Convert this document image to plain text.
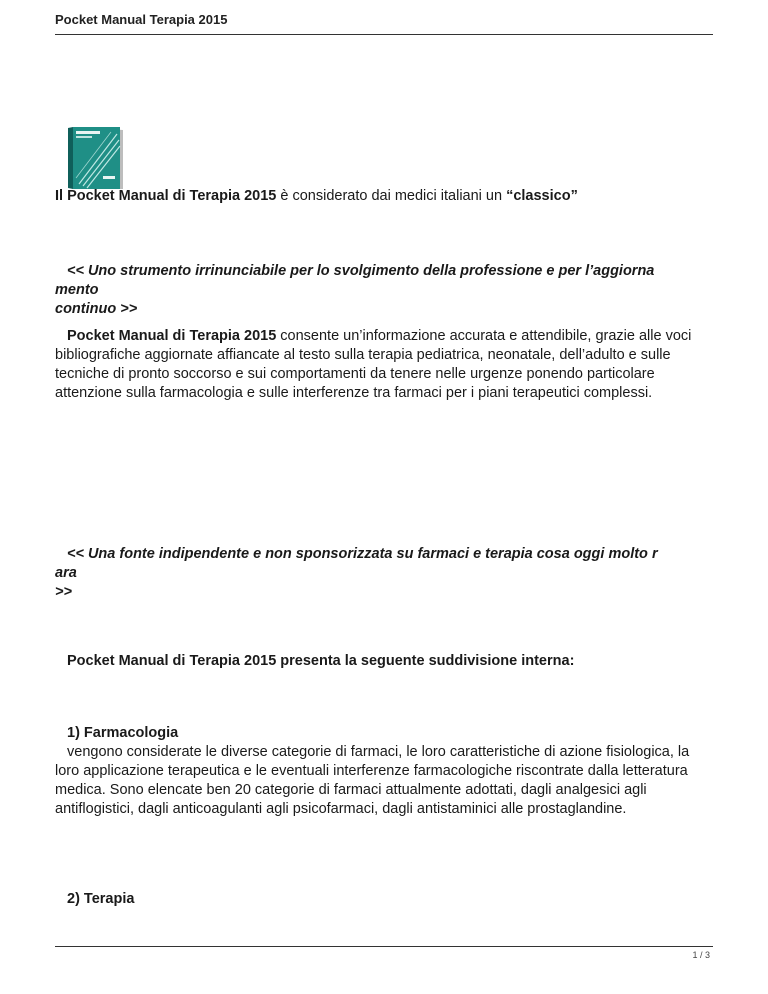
Pocket Manual Terapia 2015
Il Pocket Manual di Terapia 2015 è considerato dai medici italiani un “classico”
<< Uno strumento irrinunciabile per lo svolgimento della professione e per l’aggiorna
mento
continuo >>
Pocket Manual di Terapia 2015 consente un’informazione accurata e attendibile, grazie alle voci bibliografiche aggiornate affiancate al testo sulla terapia pediatrica, neonatale, dell’adulto e sulle tecniche di pronto soccorso e sui comportamenti da tenere nelle urgenze ponendo particolare attenzione sulla farmacologia e sulle interferenze tra farmaci per i piani terapeutici complessi.
<< Una fonte indipendente e non sponsorizzata su farmaci e terapia cosa oggi molto r
ara
>>
Pocket Manual di Terapia 2015 presenta la seguente suddivisione interna:
1) Farmacologia
vengono considerate le diverse categorie di farmaci, le loro caratteristiche di azione fisiologica, la loro applicazione terapeutica e le eventuali interferenze farmacologiche riscontrate dalla letteratura medica. Sono elencate ben 20 categorie di farmaci attualmente adottati, dagli analgesici agli antiflogistici, dagli anticoagulanti agli psicofarmaci, dagli antistaminici alle prostaglandine.
2) Terapia
1 / 3
